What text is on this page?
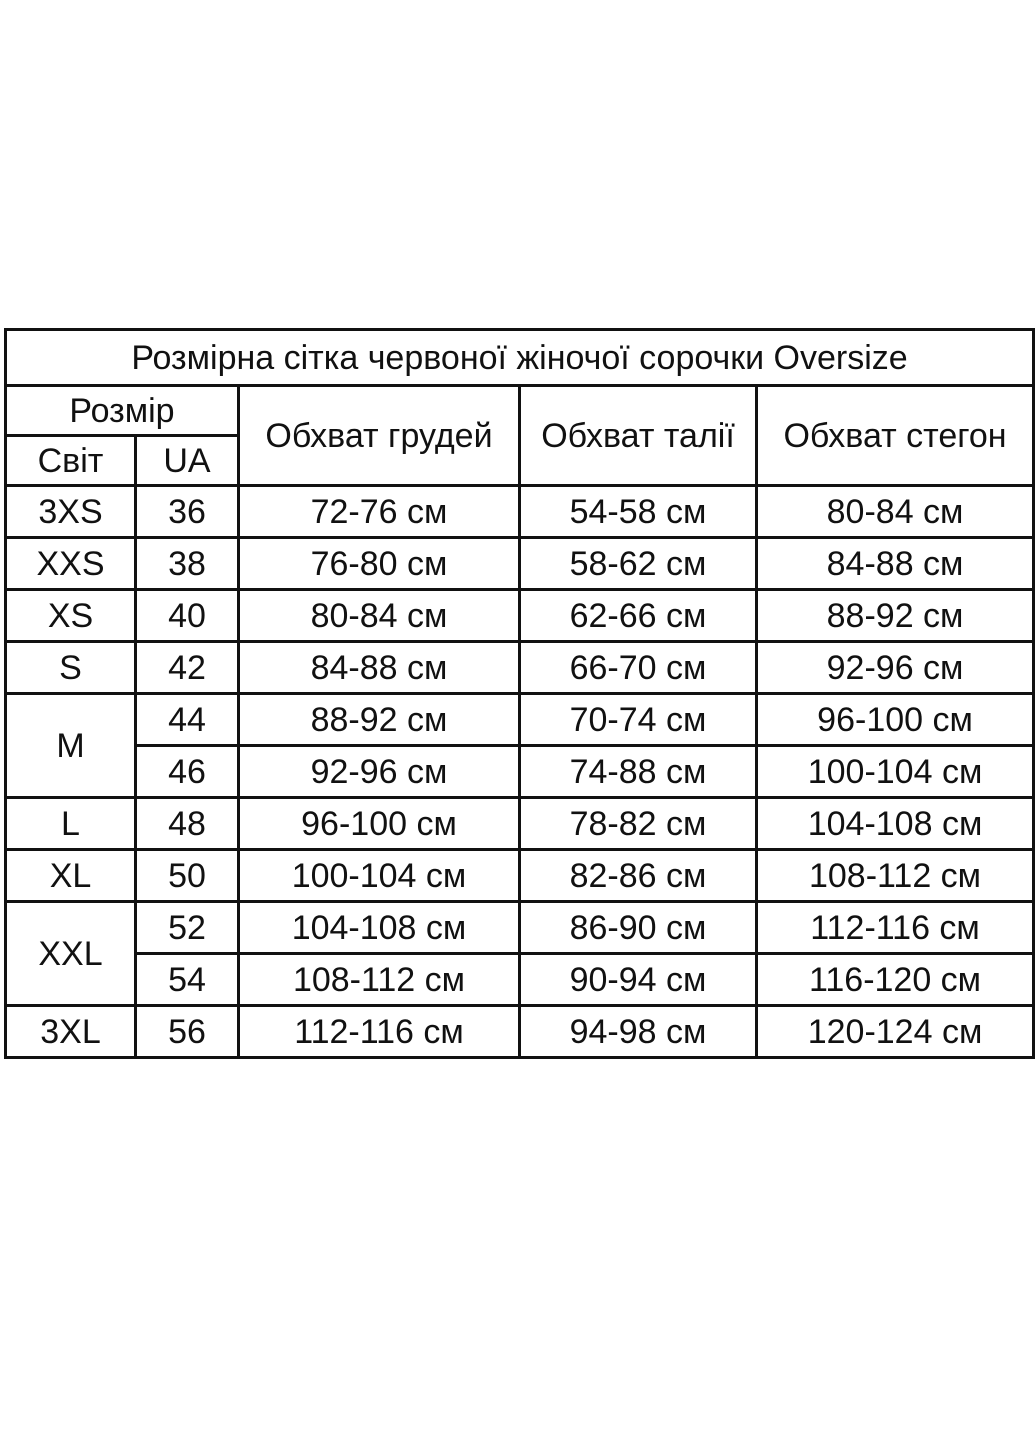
Розмірна сітка червоної жіночої сорочки Oversize				
Розмір		Обхват грудей	Обхват талії	Обхват стегон
Світ	UA			
3XS	36	72-76 см	54-58 см	80-84 см
XXS	38	76-80 см	58-62 см	84-88 см
XS	40	80-84 см	62-66 см	88-92 см
S	42	84-88 см	66-70 см	92-96 см
M	44	88-92 см	70-74 см	96-100 см
	46	92-96 см	74-88 см	100-104 см
L	48	96-100 см	78-82 см	104-108 см
XL	50	100-104 см	82-86 см	108-112 см
XXL	52	104-108 см	86-90 см	112-116 см
	54	108-112 см	90-94 см	116-120 см
3XL	56	112-116 см	94-98 см	120-124 см
